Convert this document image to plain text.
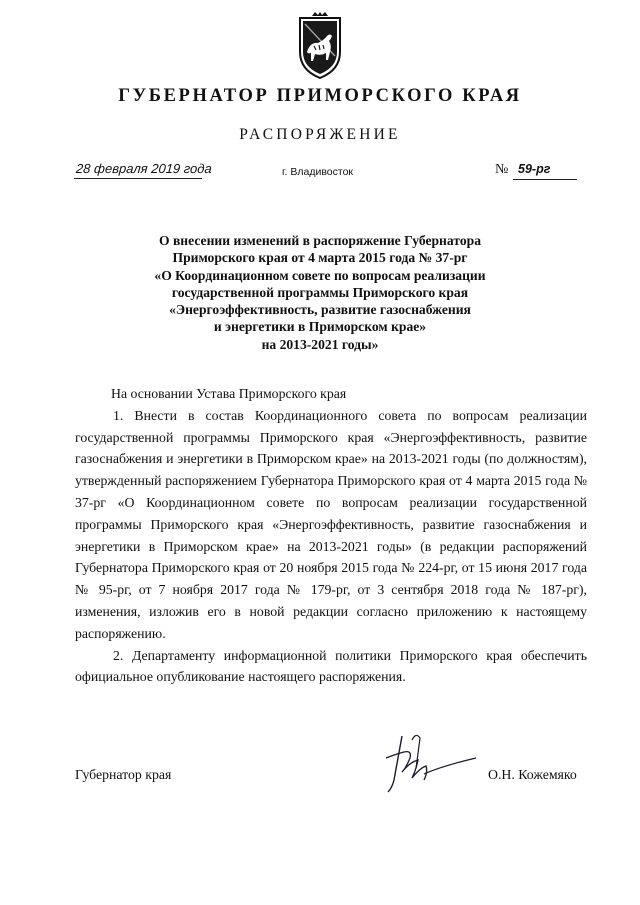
ГУБЕРНАТОР ПРИМОРСКОГО КРАЯ
РАСПОРЯЖЕНИЕ
28 февраля 2019 года	г. Владивосток	№ 59-рг
О внесении изменений в распоряжение Губернатора
Приморского края от 4 марта 2015 года № 37-рг
«О Координационном совете по вопросам реализации
государственной программы Приморского края
«Энергоэффективность, развитие газоснабжения
и энергетики в Приморском крае»
на 2013-2021 годы»

На основании Устава Приморского края

1. Внести в состав Координационного совета по вопросам реализации государственной программы Приморского края «Энергоэффективность, развитие газоснабжения и энергетики в Приморском крае» на 2013-2021 годы (по должностям), утвержденный распоряжением Губернатора Приморского края от 4 марта 2015 года № 37-рг «О Координационном совете по вопросам реализации государственной программы Приморского края «Энергоэффективность, развитие газоснабжения и энергетики в Приморском крае» на 2013-2021 годы» (в редакции распоряжений Губернатора Приморского края от 20 ноября 2015 года № 224-рг, от 15 июня 2017 года № 95-рг, от 7 ноября 2017 года № 179-рг, от 3 сентября 2018 года № 187-рг), изменения, изложив его в новой редакции согласно приложению к настоящему распоряжению.

2. Департаменту информационной политики Приморского края обеспечить официальное опубликование настоящего распоряжения.

Губернатор края	О.Н. Кожемяко
